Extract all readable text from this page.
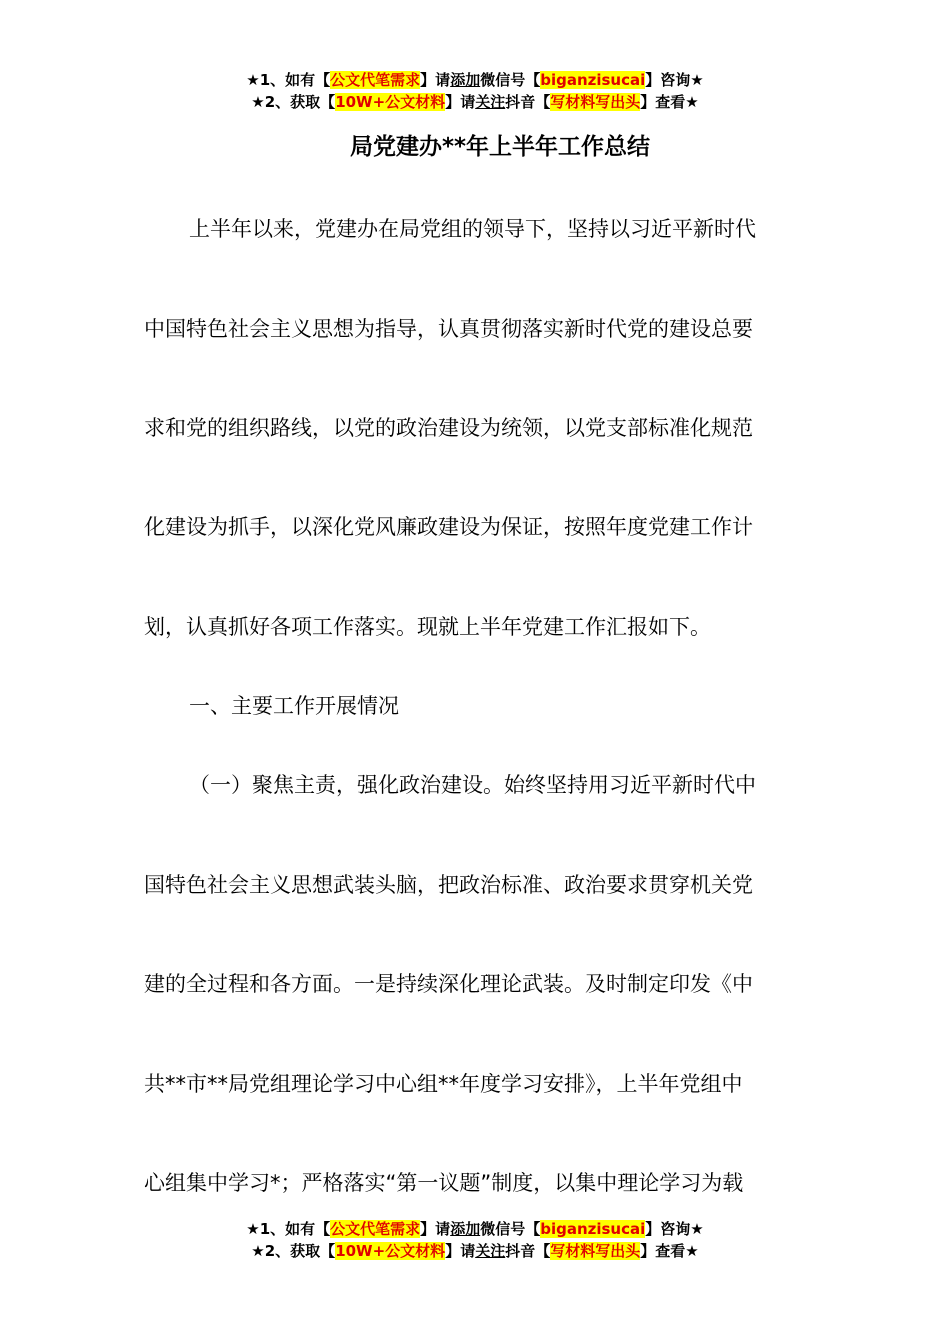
★1、如有【公文代笔需求】请添加微信号【biganzisucai】咨询★
★2、获取【10W+公文材料】请关注抖音【写材料写出头】查看★
局党建办**年上半年工作总结
上半年以来，党建办在局党组的领导下，坚持以习近平新时代
中国特色社会主义思想为指导，认真贯彻落实新时代党的建设总要
求和党的组织路线，以党的政治建设为统领，以党支部标准化规范
化建设为抓手，以深化党风廉政建设为保证，按照年度党建工作计
划，认真抓好各项工作落实。现就上半年党建工作汇报如下。
一、主要工作开展情况
（一）聚焦主责，强化政治建设。始终坚持用习近平新时代中
国特色社会主义思想武装头脑，把政治标准、政治要求贯穿机关党
建的全过程和各方面。一是持续深化理论武装。及时制定印发《中
共**市**局党组理论学习中心组**年度学习安排》，上半年党组中
心组集中学习*；严格落实“第一议题”制度，以集中理论学习为载
★1、如有【公文代笔需求】请添加微信号【biganzisucai】咨询★
★2、获取【10W+公文材料】请关注抖音【写材料写出头】查看★
